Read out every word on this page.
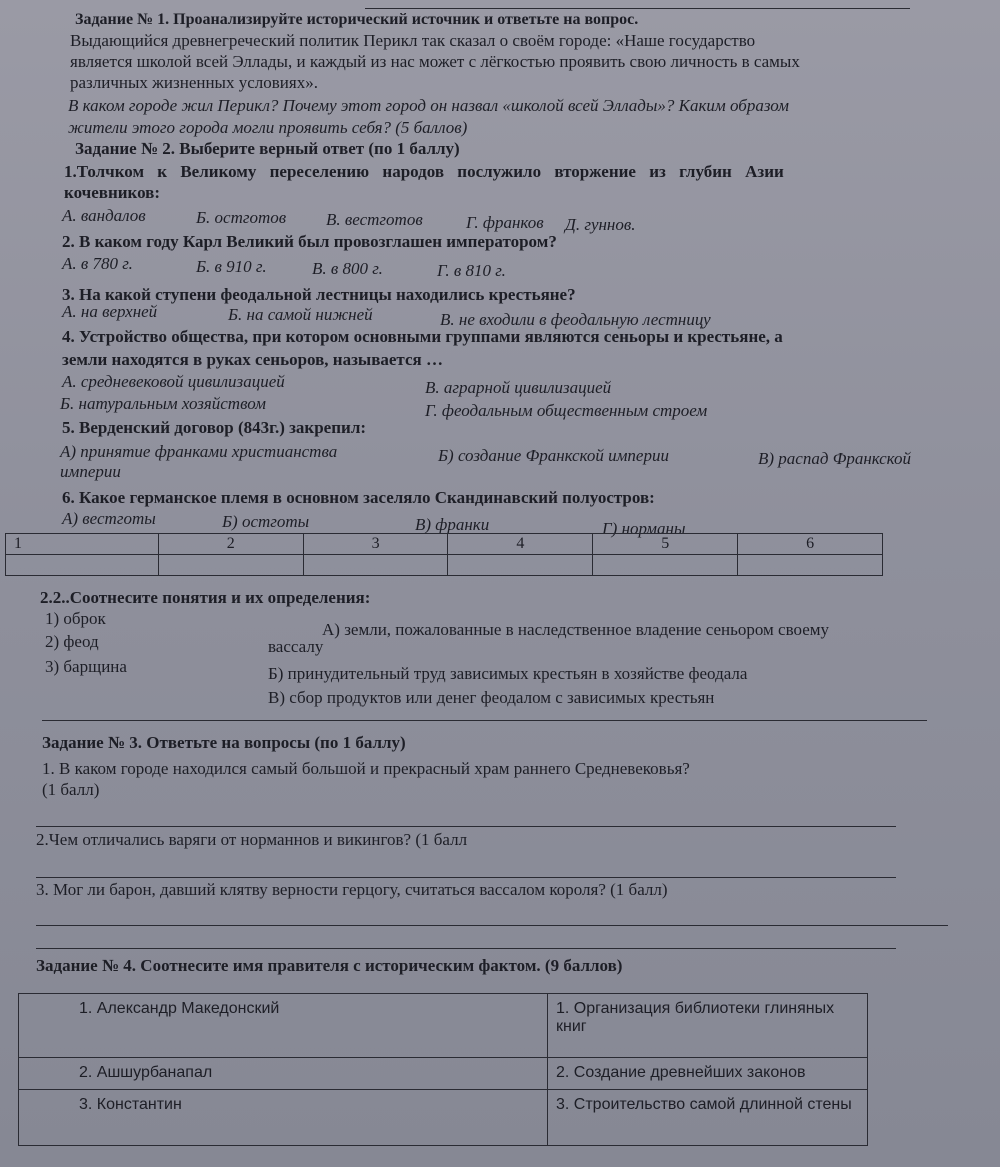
Задание № 1. Проанализируйте исторический источник и ответьте на вопрос.
Выдающийся древнегреческий политик Перикл так сказал о своём городе: «Наше государство
является школой всей Эллады, и каждый из нас может с лёгкостью проявить свою личность в самых
различных жизненных условиях».
В каком городе жил Перикл? Почему этот город он назвал «школой всей Эллады»? Каким образом
жители этого города могли проявить себя? (5 баллов)
Задание № 2. Выберите верный ответ (по 1 баллу)
1.Толчком к Великому переселению народов послужило вторжение из глубин Азии
кочевников:
А. вандалов	Б. остготов В. вестготов	Г. франков Д. гуннов.
2. В каком году Карл Великий был провозглашен императором?
А. в 780 г.	Б. в 910 г.	В. в 800 г.	Г. в 810 г.
3. На какой ступени феодальной лестницы находились крестьяне?
А. на верхней	Б. на самой нижней	В. не входили в феодальную лестницу
4. Устройство общества, при котором основными группами являются сеньоры и крестьяне, а
земли находятся в руках сеньоров, называется …
А. средневековой цивилизацией	В. аграрной цивилизацией
Б. натуральным хозяйством	Г. феодальным общественным строем
5. Верденский договор (843г.) закрепил:
А) принятие франками христианства	Б) создание Франкской империи	В) распад Франкской
империи
6. Какое германское племя в основном заселяло Скандинавский полуостров:
А) вестготы	Б) остготы	В) франки	Г) норманы
1	2	3	4	5	6

2.2..Соотнесите понятия и их определения:
1) оброк
2) феод
3) барщина
А) земли, пожалованные в наследственное владение сеньором своему
вассалу
Б) принудительный труд зависимых крестьян в хозяйстве феодала
В) сбор продуктов или денег феодалом с зависимых крестьян
Задание № 3. Ответьте на вопросы (по 1 баллу)
1. В каком городе находился самый большой и прекрасный храм раннего Средневековья?
(1 балл)
2.Чем отличались варяги от норманнов и викингов? (1 балл
3. Мог ли барон, давший клятву верности герцогу, считаться вассалом короля? (1 балл)
Задание № 4. Соотнесите имя правителя с историческим фактом. (9 баллов)
1. Александр Македонский	1. Организация библиотеки глиняных книг
2. Ашшурбанапал	2. Создание древнейших законов
3. Константин	3. Строительство самой длинной стены
